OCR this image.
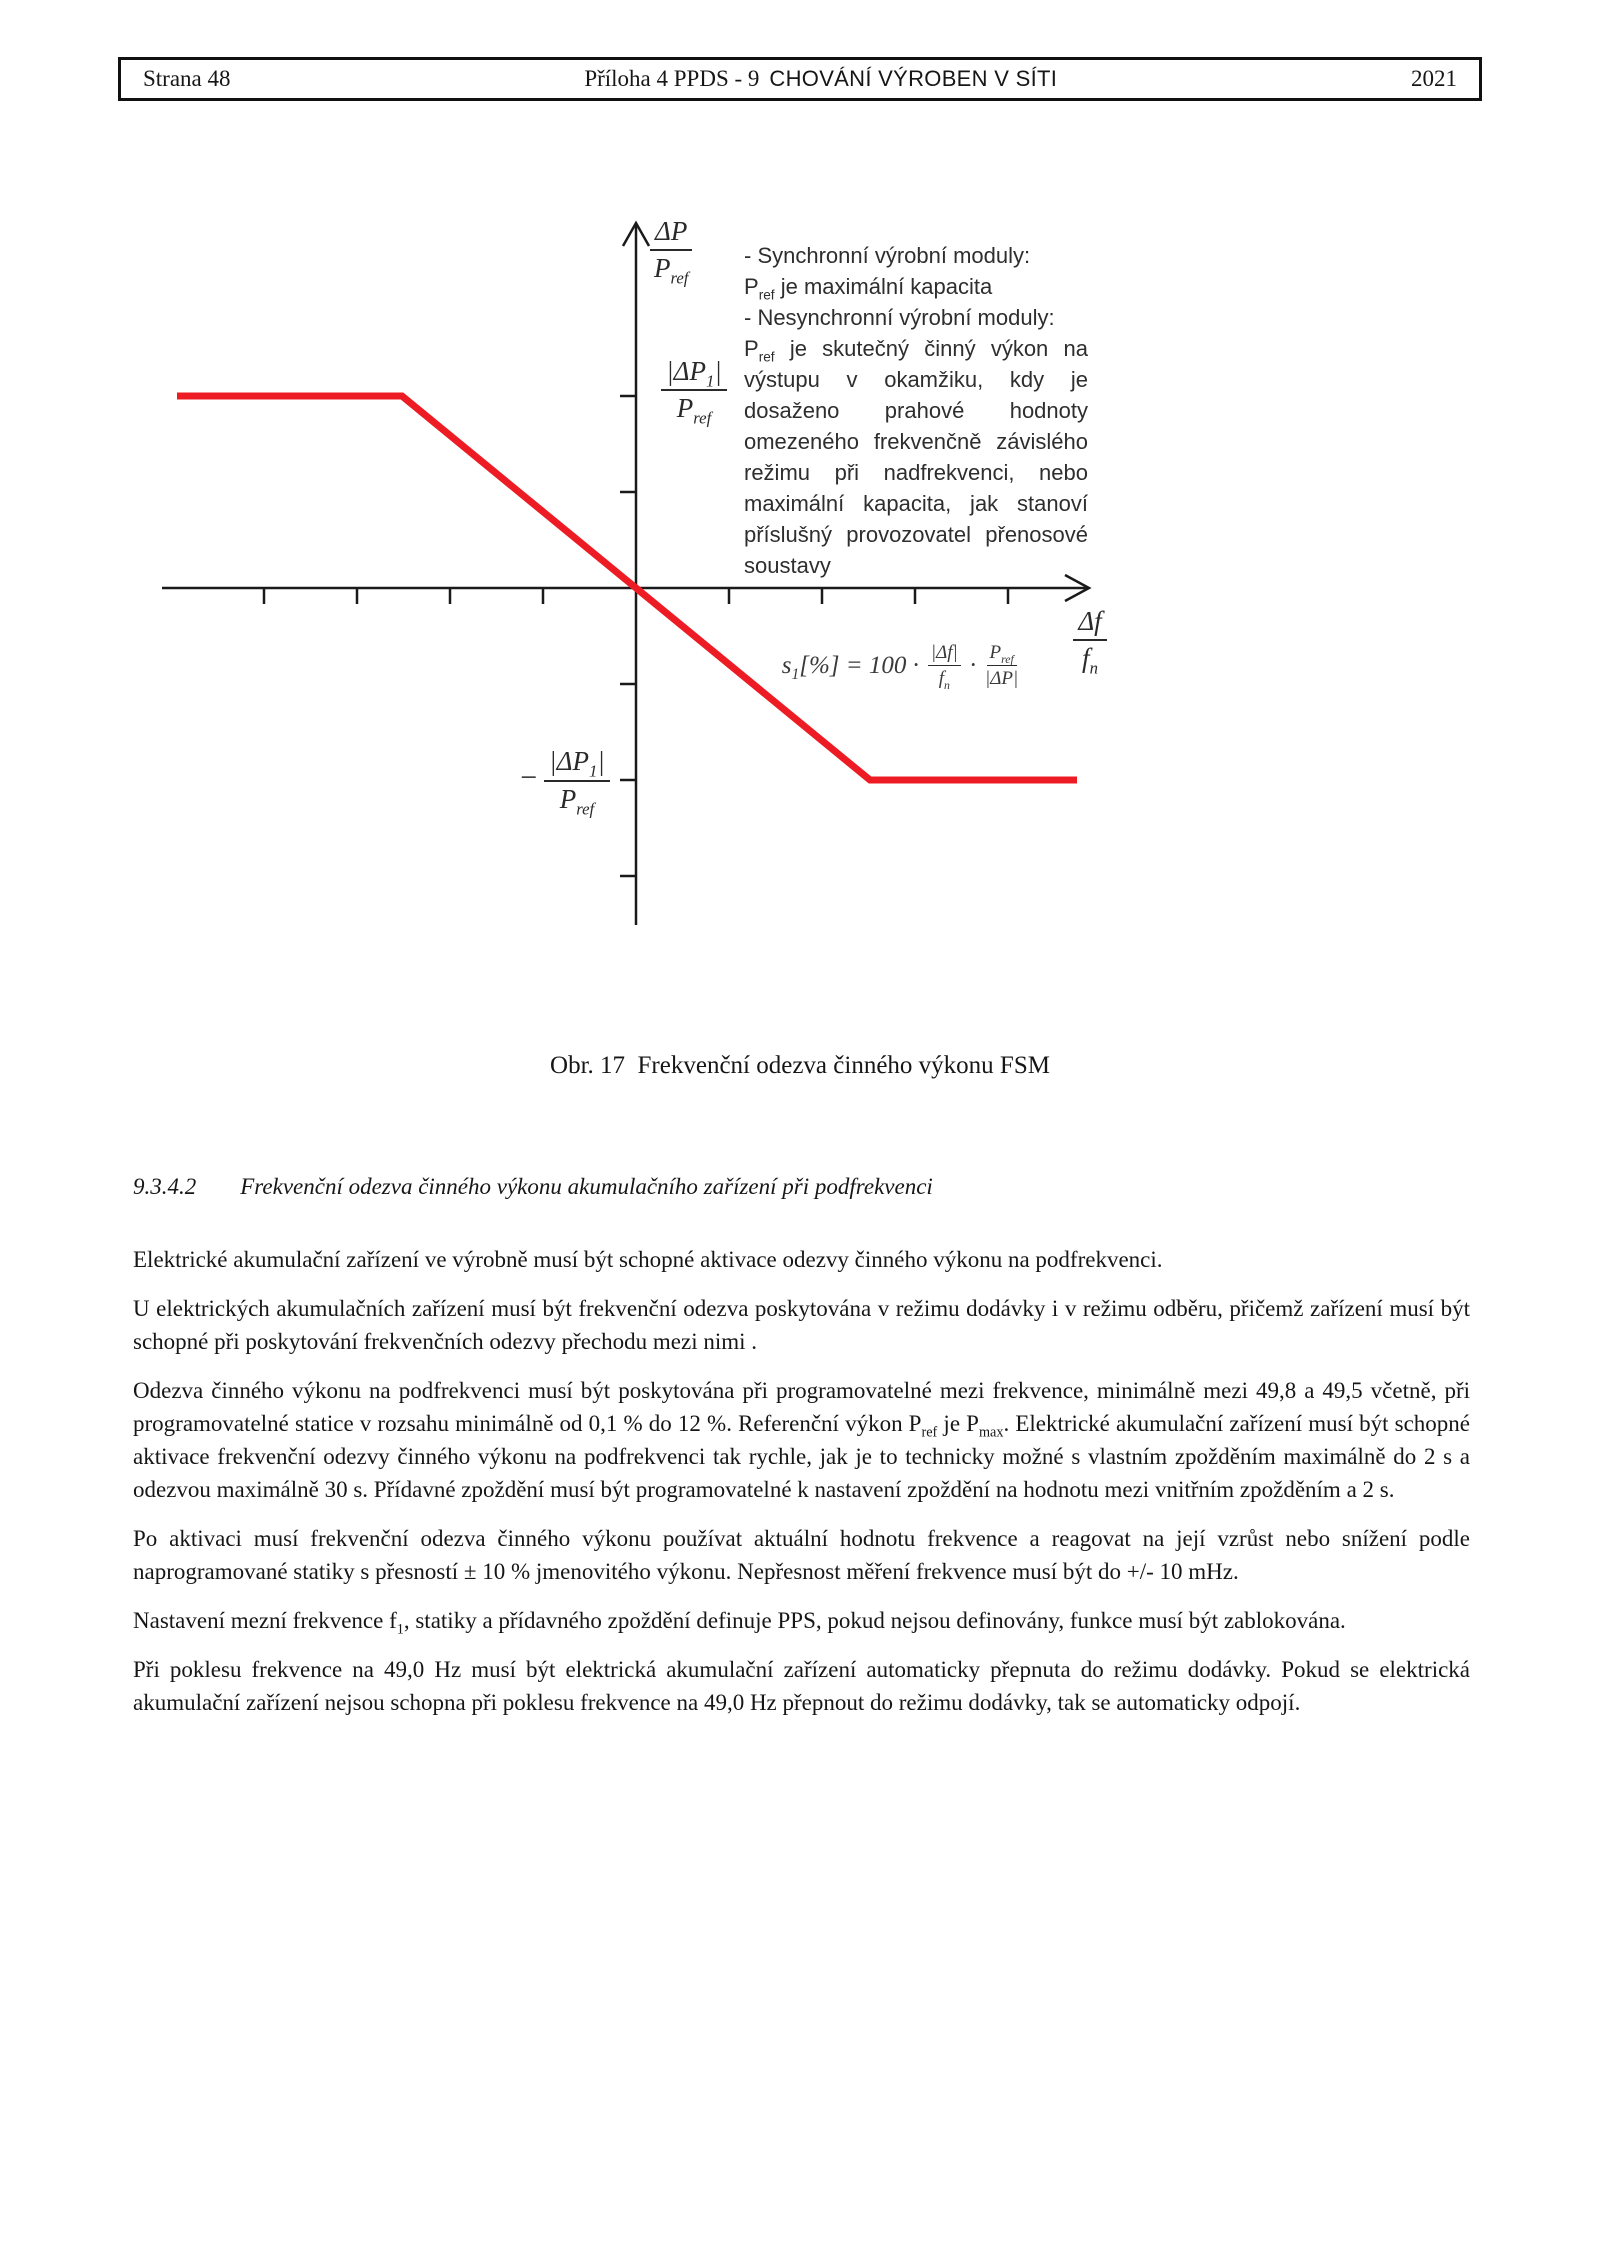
Strana 48	Příloha 4 PPDS - 9 CHOVÁNÍ VÝROBEN V SÍTI	2021
$\frac{\Delta P}{P_{ref}}$
$\frac{|\Delta P_1|}{P_{ref}}$
− $\frac{|\Delta P_1|}{P_{ref}}$
$\frac{\Delta f}{f_n}$
$s_1[\%] = 100 \cdot \frac{|\Delta f|}{f_n} \cdot \frac{P_{ref}}{|\Delta P|}$
- Synchronní výrobní moduly:
$P_{ref}$ je maximální kapacita
- Nesynchronní výrobní moduly:
$P_{ref}$ je skutečný činný výkon na výstupu v okamžiku, kdy je dosaženo prahové hodnoty omezeného frekvenčně závislého režimu při nadfrekvenci, nebo maximální kapacita, jak stanoví příslušný provozovatel přenosové soustavy
Obr. 17  Frekvenční odezva činného výkonu FSM
9.3.4.2 Frekvenční odezva činného výkonu akumulačního zařízení při podfrekvenci

Elektrické akumulační zařízení ve výrobně musí být schopné aktivace odezvy činného výkonu na podfrekvenci.

U elektrických akumulačních zařízení musí být frekvenční odezva poskytována v režimu dodávky i v režimu odběru, přičemž zařízení musí být schopné při poskytování frekvenčních odezvy přechodu mezi nimi .

Odezva činného výkonu na podfrekvenci musí být poskytována při programovatelné mezi frekvence, minimálně mezi 49,8 a 49,5 včetně, při programovatelné statice v rozsahu minimálně od 0,1 % do 12 %. Referenční výkon $P_{ref}$ je $P_{max}$. Elektrické akumulační zařízení musí být schopné aktivace frekvenční odezvy činného výkonu na podfrekvenci tak rychle, jak je to technicky možné s vlastním zpožděním maximálně do 2 s a odezvou maximálně 30 s. Přídavné zpoždění musí být programovatelné k nastavení zpoždění na hodnotu mezi vnitřním zpožděním a 2 s.

Po aktivaci musí frekvenční odezva činného výkonu používat aktuální hodnotu frekvence a reagovat na její vzrůst nebo snížení podle naprogramované statiky s přesností ± 10 % jmenovitého výkonu. Nepřesnost měření frekvence musí být do +/- 10 mHz.

Nastavení mezní frekvence $f_1$, statiky a přídavného zpoždění definuje PPS, pokud nejsou definovány, funkce musí být zablokována.

Při poklesu frekvence na 49,0 Hz musí být elektrická akumulační zařízení automaticky přepnuta do režimu dodávky. Pokud se elektrická akumulační zařízení nejsou schopna při poklesu frekvence na 49,0 Hz přepnout do režimu dodávky, tak se automaticky odpojí.
